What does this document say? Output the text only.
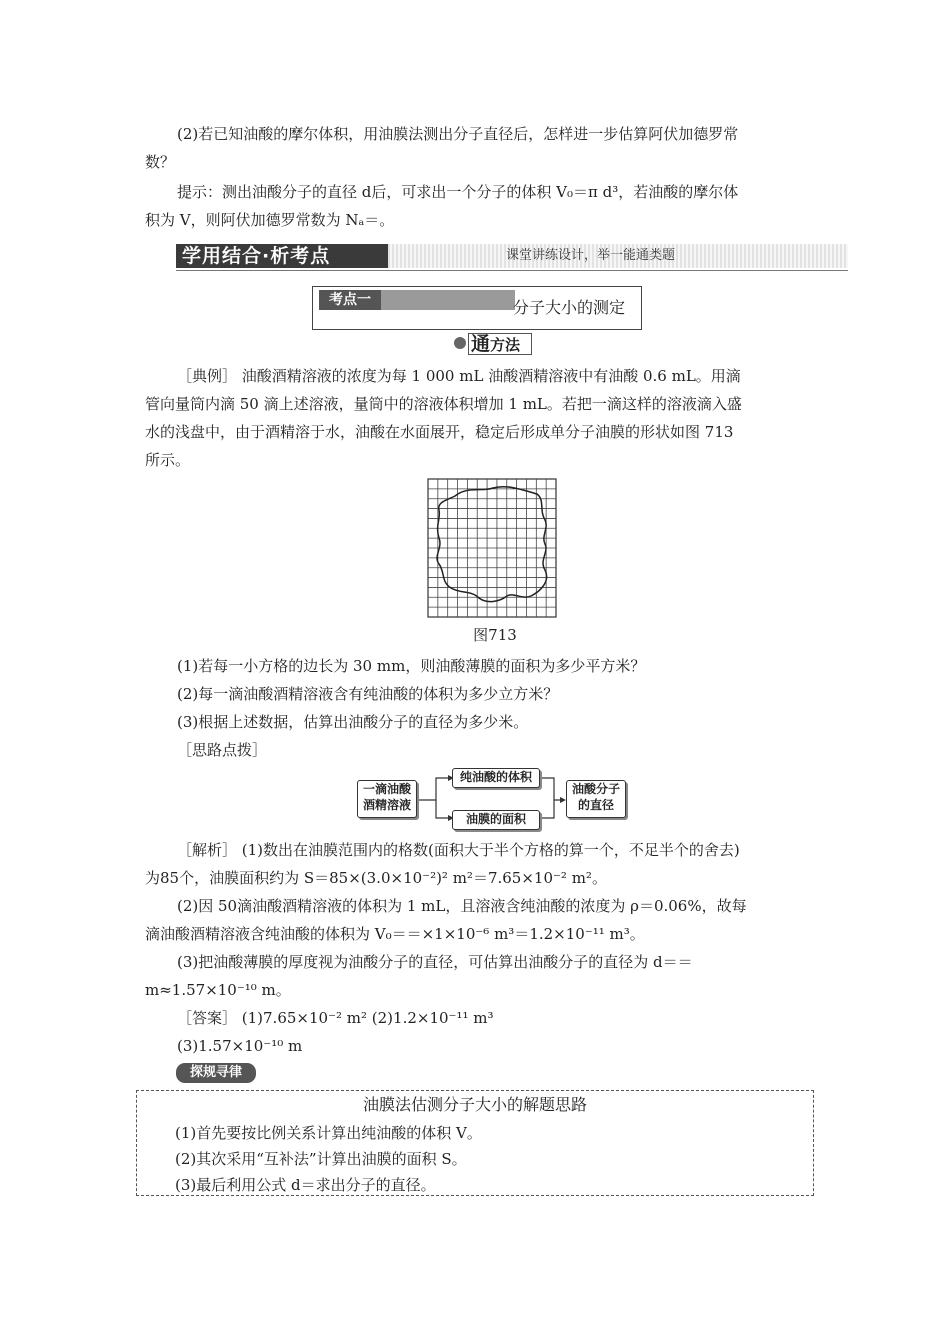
(2)若已知油酸的摩尔体积，用油膜法测出分子直径后，怎样进一步估算阿伏加德罗常
数？
提示：测出油酸分子的直径 d后，可求出一个分子的体积 V₀＝π d³，若油酸的摩尔体
积为 V，则阿伏加德罗常数为 Nₐ＝。
学用结合·析考点	课堂讲练设计，举一能通类题
考点一	分子大小的测定
通方法
［典例］ 油酸酒精溶液的浓度为每 1 000 mL 油酸酒精溶液中有油酸 0.6 mL。用滴
管向量筒内滴 50 滴上述溶液，量筒中的溶液体积增加 1 mL。若把一滴这样的溶液滴入盛
水的浅盘中，由于酒精溶于水，油酸在水面展开，稳定后形成单分子油膜的形状如图 713
所示。
图713
(1)若每一小方格的边长为 30 mm，则油酸薄膜的面积为多少平方米？
(2)每一滴油酸酒精溶液含有纯油酸的体积为多少立方米？
(3)根据上述数据，估算出油酸分子的直径为多少米。
［思路点拨］
一滴油酸
酒精溶液
纯油酸的体积
油膜的面积
油酸分子
的直径
［解析］ (1)数出在油膜范围内的格数(面积大于半个方格的算一个，不足半个的舍去)
为85个，油膜面积约为 S＝85×(3.0×10⁻²)² m²＝7.65×10⁻² m²。
(2)因 50滴油酸酒精溶液的体积为 1 mL，且溶液含纯油酸的浓度为 ρ＝0.06%，故每
滴油酸酒精溶液含纯油酸的体积为 V₀＝＝×1×10⁻⁶ m³＝1.2×10⁻¹¹ m³。
(3)把油酸薄膜的厚度视为油酸分子的直径，可估算出油酸分子的直径为 d＝＝
m≈1.57×10⁻¹⁰ m。
［答案］ (1)7.65×10⁻² m² (2)1.2×10⁻¹¹ m³
(3)1.57×10⁻¹⁰ m
探规寻律
油膜法估测分子大小的解题思路
(1)首先要按比例关系计算出纯油酸的体积 V。
(2)其次采用“互补法”计算出油膜的面积 S。
(3)最后利用公式 d＝求出分子的直径。
